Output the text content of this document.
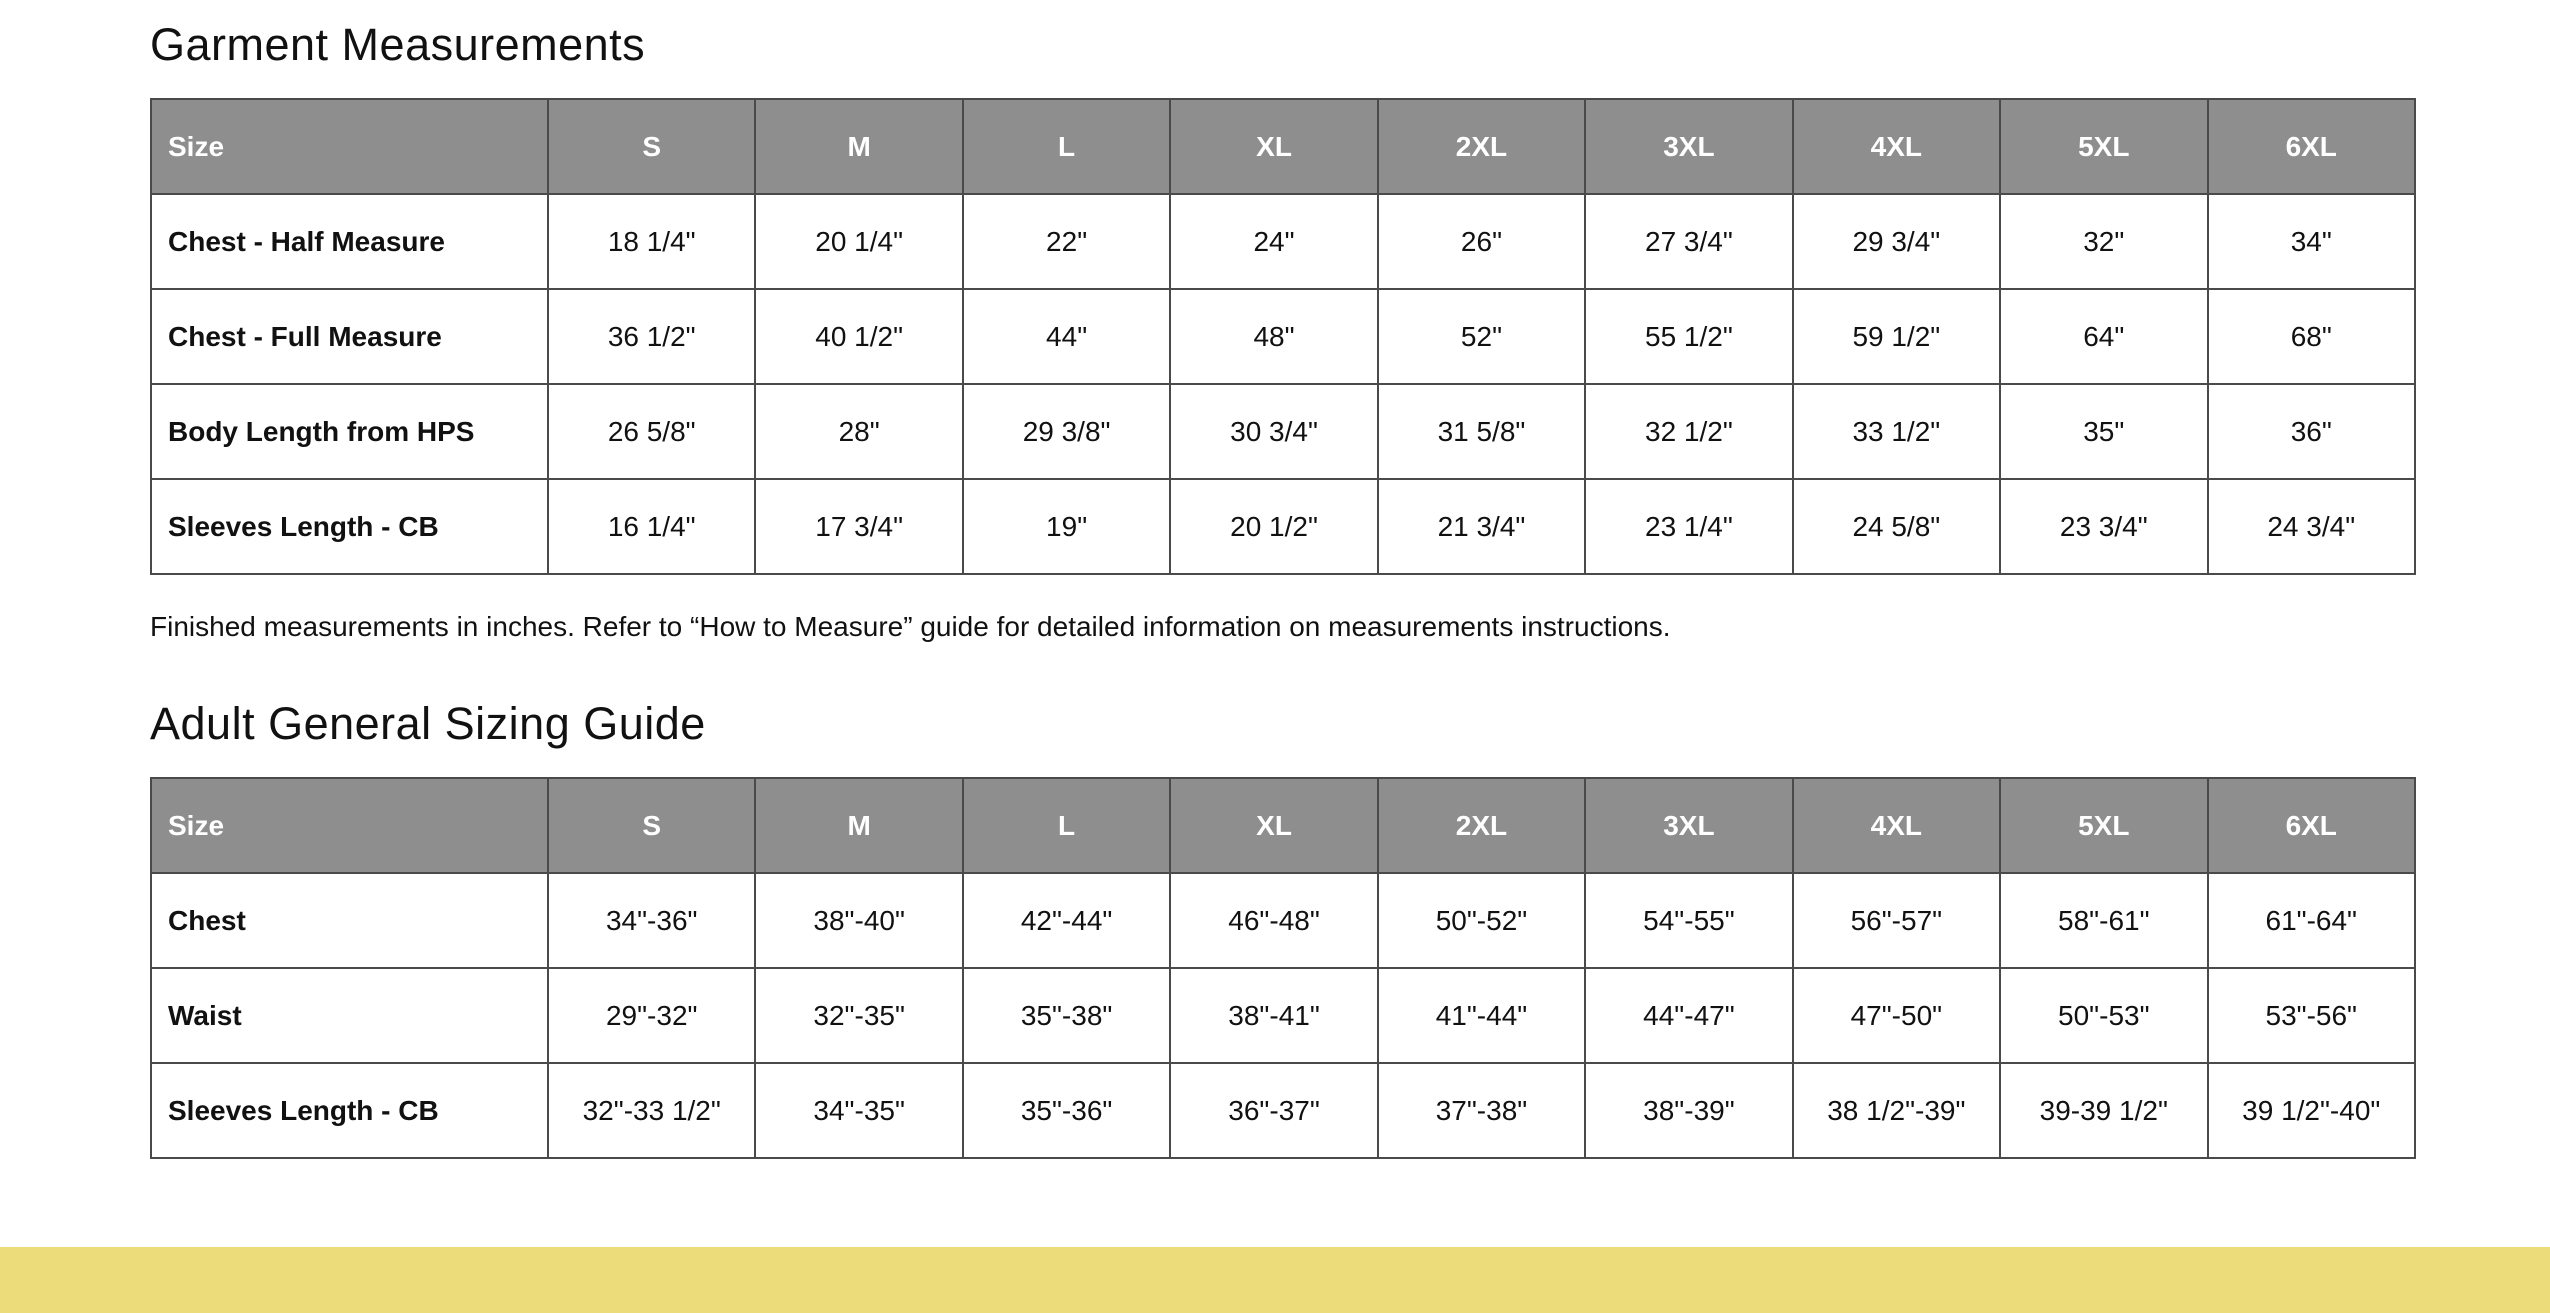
Garment Measurements
Size	S	M	L	XL	2XL	3XL	4XL	5XL	6XL
Chest - Half Measure	18 1/4"	20 1/4"	22"	24"	26"	27 3/4"	29 3/4"	32"	34"
Chest - Full Measure	36 1/2"	40 1/2"	44"	48"	52"	55 1/2"	59 1/2"	64"	68"
Body Length from HPS	26 5/8"	28"	29 3/8"	30 3/4"	31 5/8"	32 1/2"	33 1/2"	35"	36"
Sleeves Length - CB	16 1/4"	17 3/4"	19"	20 1/2"	21 3/4"	23 1/4"	24 5/8"	23 3/4"	24 3/4"

Finished measurements in inches. Refer to “How to Measure” guide for detailed information on measurements instructions.

Adult General Sizing Guide
Size	S	M	L	XL	2XL	3XL	4XL	5XL	6XL
Chest	34"-36"	38"-40"	42"-44"	46"-48"	50"-52"	54"-55"	56"-57"	58"-61"	61"-64"
Waist	29"-32"	32"-35"	35"-38"	38"-41"	41"-44"	44"-47"	47"-50"	50"-53"	53"-56"
Sleeves Length - CB	32"-33 1/2"	34"-35"	35"-36"	36"-37"	37"-38"	38"-39"	38 1/2"-39"	39-39 1/2"	39 1/2"-40"
